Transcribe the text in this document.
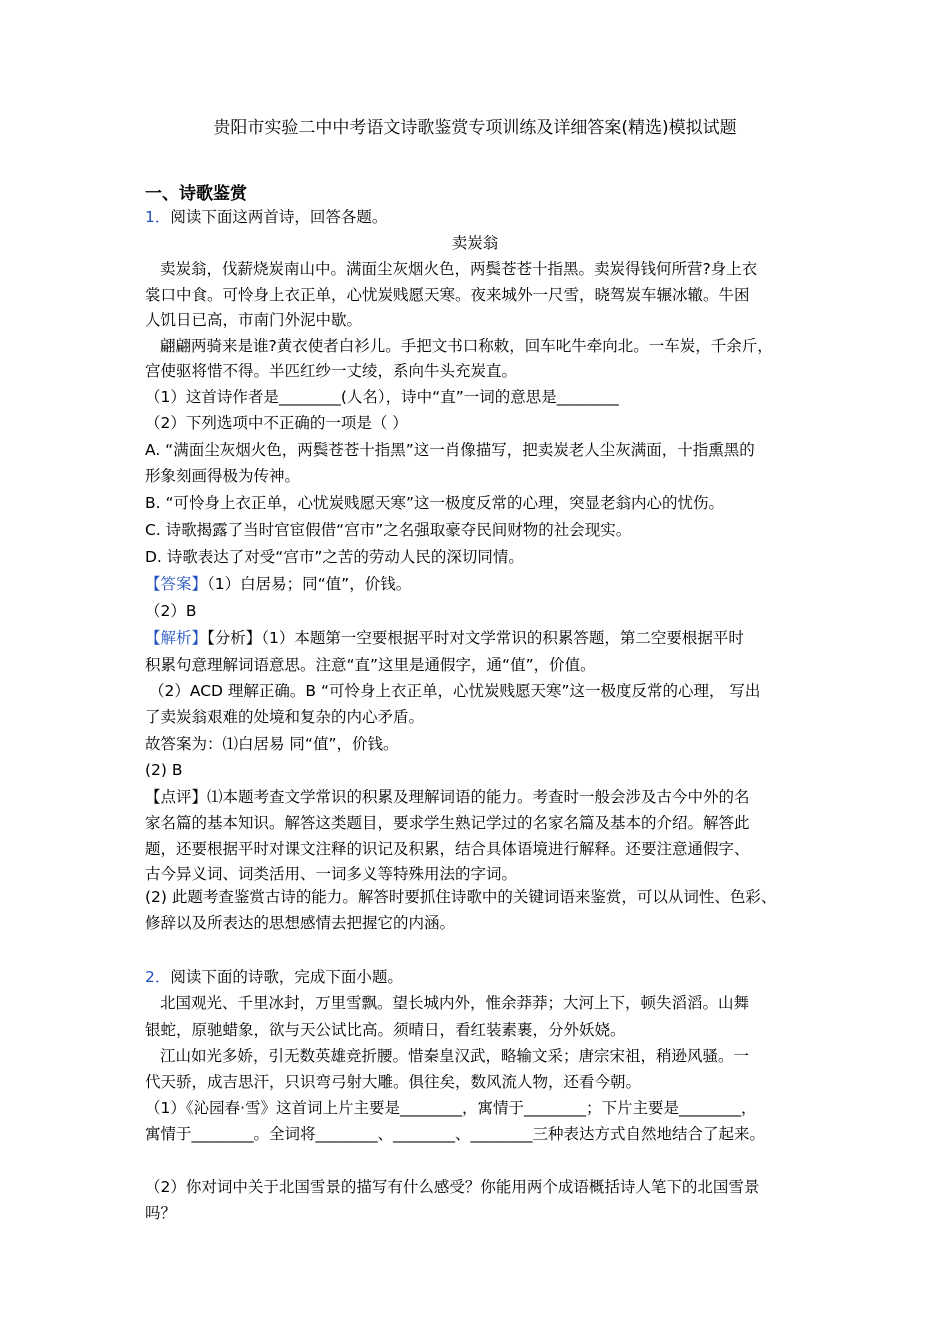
贵阳市实验二中中考语文诗歌鉴赏专项训练及详细答案(精选)模拟试题
一、诗歌鉴赏
1．阅读下面这两首诗，回答各题。
卖炭翁
卖炭翁，伐薪烧炭南山中。满面尘灰烟火色，两鬓苍苍十指黑。卖炭得钱何所营?身上衣
裳口中食。可怜身上衣正单，心忧炭贱愿天寒。夜来城外一尺雪，晓驾炭车辗冰辙。牛困
人饥日已高，市南门外泥中歇。
翩翩两骑来是谁?黄衣使者白衫儿。手把文书口称敕，回车叱牛牵向北。一车炭，千余斤，
宫使驱将惜不得。半匹红纱一丈绫，系向牛头充炭直。
（1）这首诗作者是________(人名），诗中“直”一词的意思是________
（2）下列选项中不正确的一项是（ ）
A. “满面尘灰烟火色，两鬓苍苍十指黑”这一肖像描写，把卖炭老人尘灰满面，十指熏黑的
形象刻画得极为传神。
B. “可怜身上衣正单，心忧炭贱愿天寒”这一极度反常的心理，突显老翁内心的忧伤。
C. 诗歌揭露了当时官宦假借“宫市”之名强取豪夺民间财物的社会现实。
D. 诗歌表达了对受“宫市”之苦的劳动人民的深切同情。
【答案】（1）白居易；同“值”，价钱。
（2）B
【解析】【分析】（1）本题第一空要根据平时对文学常识的积累答题，第二空要根据平时
积累句意理解词语意思。注意“直”这里是通假字，通“值”，价值。
（2）ACD 理解正确。B “可怜身上衣正单，心忧炭贱愿天寒”这一极度反常的心理， 写出
了卖炭翁艰难的处境和复杂的内心矛盾。
故答案为：⑴白居易 同“值”，价钱。
(2) B
【点评】⑴本题考查文学常识的积累及理解词语的能力。考查时一般会涉及古今中外的名
家名篇的基本知识。解答这类题目，要求学生熟记学过的名家名篇及基本的介绍。解答此
题，还要根据平时对课文注释的识记及积累，结合具体语境进行解释。还要注意通假字、
古今异义词、词类活用、一词多义等特殊用法的字词。
(2) 此题考查鉴赏古诗的能力。解答时要抓住诗歌中的关键词语来鉴赏，可以从词性、色彩、
修辞以及所表达的思想感情去把握它的内涵。
2．阅读下面的诗歌，完成下面小题。
北国观光、千里冰封，万里雪飘。望长城内外，惟余莽莽；大河上下，顿失滔滔。山舞
银蛇，原驰蜡象，欲与天公试比高。须晴日，看红装素裹，分外妖娆。
江山如光多娇，引无数英雄竞折腰。惜秦皇汉武，略输文采；唐宗宋祖，稍逊风骚。一
代天骄，成吉思汗，只识弯弓射大雕。俱往矣，数风流人物，还看今朝。
（1）《沁园春·雪》这首词上片主要是________，寓情于________；下片主要是________，
寓情于________。全词将________、________、________三种表达方式自然地结合了起来。
（2）你对词中关于北国雪景的描写有什么感受？你能用两个成语概括诗人笔下的北国雪景
吗？
